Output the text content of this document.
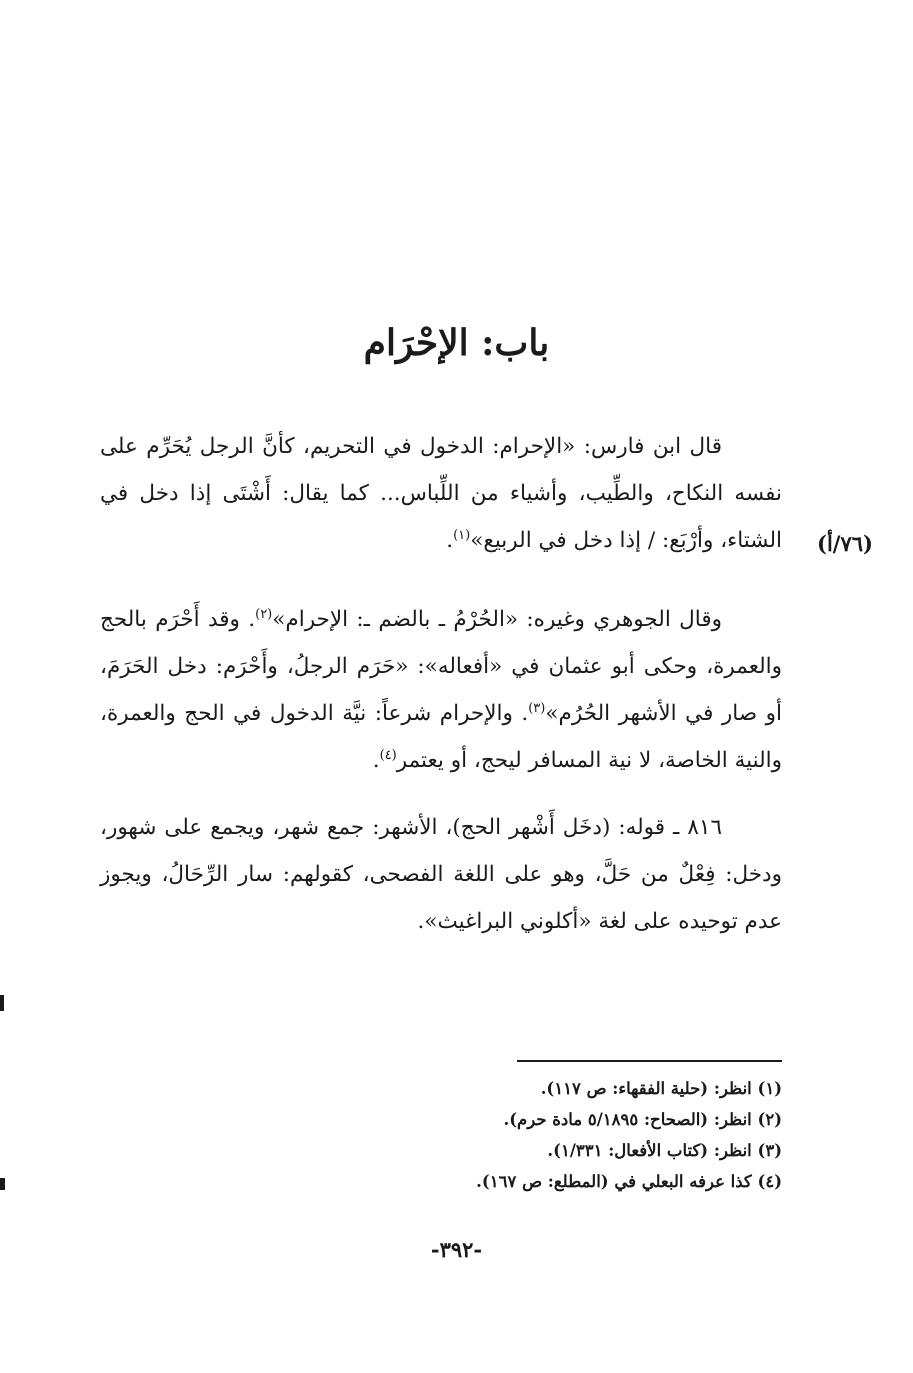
باب: الإحْرَام

قال ابن فارس: «الإحرام: الدخول في التحريم، كأنَّ الرجل يُحَرِّم على نفسه النكاح، والطِّيب، وأشياء من اللِّباس... كما يقال: أَشْتَى إذا دخل في الشتاء، وأرْبَع: / إذا دخل في الربيع»$^{(١)}$.	(٧٦/أ)

وقال الجوهري وغيره: «الحُرْمُ ـ بالضم ـ: الإحرام»$^{(٢)}$. وقد أَحْرَم بالحج والعمرة، وحكى أبو عثمان في «أفعاله»: «حَرَم الرجلُ، وأَحْرَم: دخل الحَرَمَ، أو صار في الأشهر الحُرُم»$^{(٣)}$. والإحرام شرعاً: نيَّة الدخول في الحج والعمرة، والنية الخاصة، لا نية المسافر ليحج، أو يعتمر$^{(٤)}$.

٨١٦ ـ قوله: (دخَل أَشْهر الحج)، الأشهر: جمع شهر، ويجمع على شهور، ودخل: فِعْلٌ من حَلَّ، وهو على اللغة الفصحى، كقولهم: سار الرِّحَالُ، ويجوز عدم توحيده على لغة «أكلوني البراغيث».

(١) انظر: (حلية الفقهاء: ص ١١٧).
(٢) انظر: (الصحاح: ٥/١٨٩٥ مادة حرم).
(٣) انظر: (كتاب الأفعال: ١/٣٣١).
(٤) كذا عرفه البعلي في (المطلع: ص ١٦٧).
-٣٩٢-
